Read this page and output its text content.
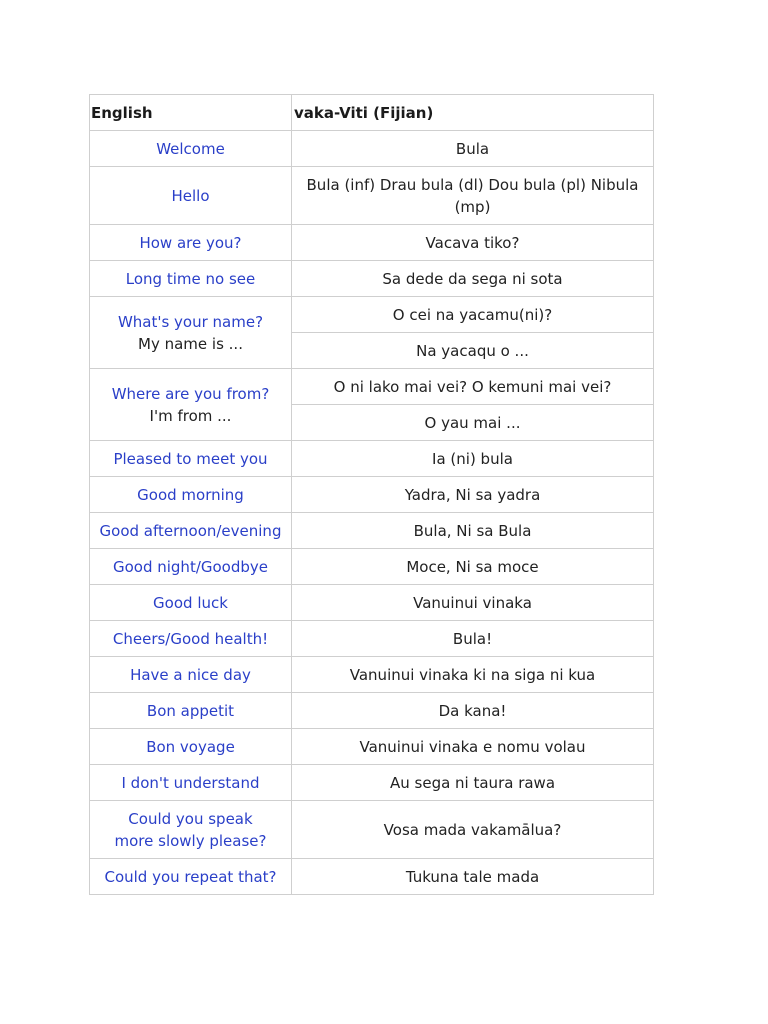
English	vaka-Viti (Fijian)
Welcome	Bula
Hello	Bula (inf) Drau bula (dl) Dou bula (pl) Nibula (mp)
How are you?	Vacava tiko?
Long time no see	Sa dede da sega ni sota
What's your name?
My name is ...	O cei na yacamu(ni)?
	Na yacaqu o ...
Where are you from?
I'm from ...	O ni lako mai vei? O kemuni mai vei?
	O yau mai ...
Pleased to meet you	Ia (ni) bula
Good morning	Yadra, Ni sa yadra
Good afternoon/evening	Bula, Ni sa Bula
Good night/Goodbye	Moce, Ni sa moce
Good luck	Vanuinui vinaka
Cheers/Good health!	Bula!
Have a nice day	Vanuinui vinaka ki na siga ni kua
Bon appetit	Da kana!
Bon voyage	Vanuinui vinaka e nomu volau
I don't understand	Au sega ni taura rawa
Could you speak
more slowly please?	Vosa mada vakamālua?
Could you repeat that?	Tukuna tale mada
